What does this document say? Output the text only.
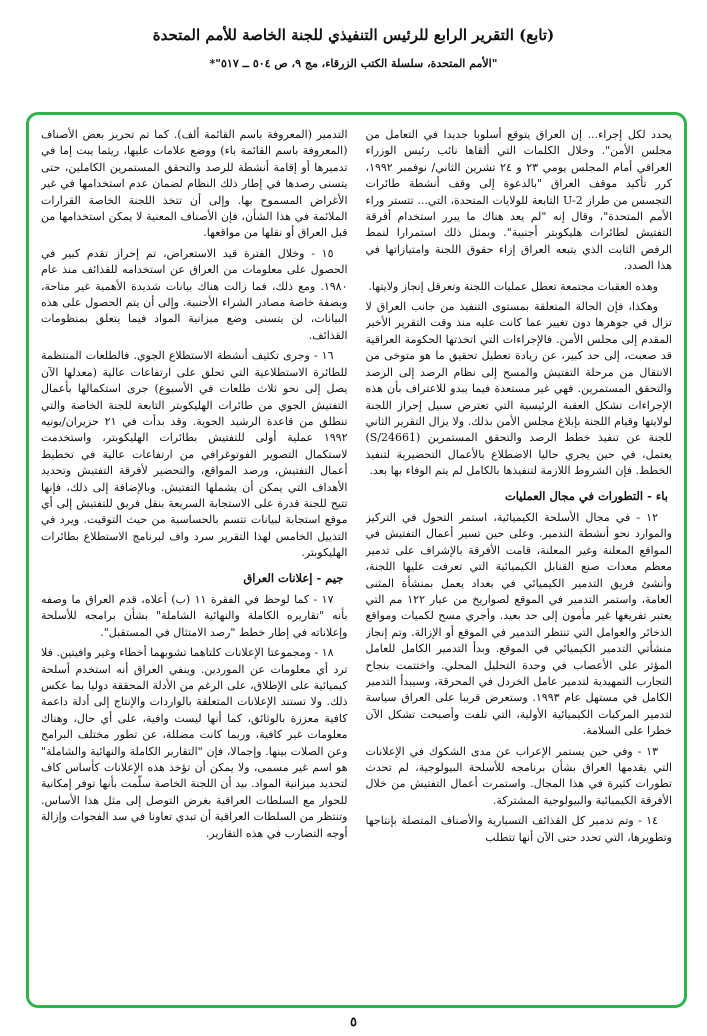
(تابع) التقرير الرابع للرئيس التنفيذي للجنة الخاصة للأمم المتحدة
"الأمم المتحدة، سلسلة الكتب الزرقاء، مج ٩، ص ٥٠٤ ــ ٥١٧"*

يحدد لكل إجراء... إن العراق يتوقع أسلوبا جديدا في التعامل من مجلس الأمن". وخلال الكلمات التي ألقاها نائب رئيس الوزراء العراقي أمام المجلس يومي ٢٣ و ٢٤ تشرين الثاني/ نوفمبر ١٩٩٢، كرر تأكيد موقف العراق "بالدعوة إلى وقف أنشطة طائرات التجسس من طراز U-2 التابعة للولايات المتحدة، التي... تتستر وراء الأمم المتحدة"، وقال إنه "لم يعد هناك ما يبرر استخدام أفرقة التفتيش لطائرات هليكوبتر أجنبية". ويمثل ذلك استمرارا لنمط الرفض الثابت الذي يتبعه العراق إزاء حقوق اللجنة وامتيازاتها في هذا الصدد.

وهذه العقبات مجتمعة تعطل عمليات اللجنة وتعرقل إنجاز ولايتها.

وهكذا، فإن الحالة المتعلقة بمستوى التنفيذ من جانب العراق لا تزال في جوهرها دون تغيير عما كانت عليه منذ وقت التقرير الأخير المقدم إلى مجلس الأمن. فالإجراءات التي اتخذتها الحكومة العراقية قد صعبت، إلى حد كبير، عن زيادة تعطيل تحقيق ما هو متوخى من الانتقال من مرحلة التفتيش والمسح إلى نظام الرصد إلى الرصد والتحقق المستمرين. فهي غير مستعدة فيما يبدو للاعتراف بأن هذه الإجراءات تشكل العقبة الرئيسية التي تعترض سبيل إحراز اللجنة لولايتها وقيام اللجنة بإبلاغ مجلس الأمن بذلك. ولا يزال التقرير الثاني للجنة عن تنفيذ خطط الرصد والتحقق المستمرين (S/24661) يعتمل، في حين يجري حاليا الاضطلاع بالأعمال التحضيرية لتنفيذ الخطط. فإن الشروط اللازمة لتنفيذها بالكامل لم يتم الوفاء بها بعد.

باء - التطورات في مجال العمليات

١٢ - في مجال الأسلحة الكيميائية، استمر التحول في التركيز والموارد نحو أنشطة التدمير. وعلى حين تسير أعمال التفتيش في المواقع المعلنة وغير المعلنة، قامت الأفرقة بالإشراف على تدمير معظم معدات صنع القنابل الكيميائية التي تعرفت عليها اللجنة، وأنشئ فريق التدمير الكيميائي في بغداد يعمل بمنشأة المثنى العامة، واستمر التدمير في الموقع لصواريخ من عيار ١٢٢ مم التي يعتبر تفريغها غير مأمون إلى حد بعيد. وأجري مسح لكميات ومواقع الذخائر والعوامل التي تنتظر التدمير في الموقع أو الإزالة. وتم إنجاز منشأتي التدمير الكيميائي في الموقع. وبدأ التدمير الكامل للعامل المؤثر على الأعصاب في وحدة التحليل المحلي. واختتمت بنجاح التجارب التمهيدية لتدمير عامل الخردل في المحرقة، وسيبدأ التدمير الكامل في مستهل عام ١٩٩٣. وستعرض قريبا على العراق سياسة لتدمير المركبات الكيميائية الأولية، التي تلفت وأصبحت تشكل الآن خطرا على السلامة.

١٣ - وفي حين يستمر الإعراب عن مدى الشكوك في الإعلانات التي يقدمها العراق بشأن برنامجه للأسلحة البيولوجية، لم تحدث تطورات كثيرة في هذا المجال. واستمرت أعمال التفتيش من خلال الأفرقة الكيميائية والبيولوجية المشتركة.

١٤ - وتم تدمير كل القذائف التسيارية والأصناف المتصلة بإنتاجها وتطويرها، التي تحدد حتى الآن أنها تتطلب

التدمير (المعروفة باسم القائمة ألف). كما تم تحريز بعض الأصناف (المعروفة باسم القائمة باء) ووضع علامات عليها، ريثما يبت إما في تدميرها أو إقامة أنشطة للرصد والتحقق المستمرين الكاملين، حتى يتسنى رصدها في إطار ذلك النظام لضمان عدم استخدامها في غير الأغراض المسموح بها. وإلى أن تتخذ اللجنة الخاصة القرارات الملائمة في هذا الشأن، فإن الأصناف المعنية لا يمكن استخدامها من قبل العراق أو نقلها من مواقعها.

١٥ - وخلال الفترة قيد الاستعراض، تم إحراز تقدم كبير في الحصول على معلومات من العراق عن استخدامه للقذائف منذ عام ١٩٨٠. ومع ذلك، فما زالت هناك بيانات شديدة الأهمية غير متاحة، وبصفة خاصة مصادر الشراء الأجنبية. وإلى أن يتم الحصول على هذه البيانات، لن يتسنى وضع ميزانية المواد فيما يتعلق بمنظومات القذائف.

١٦ - وجرى تكثيف أنشطة الاستطلاع الجوي. فالطلعات المنتظمة للطائرة الاستطلاعية التي تحلق على ارتفاعات عالية (معدلها الآن يصل إلى نحو ثلاث طلعات في الأسبوع) جرى استكمالها بأعمال التفتيش الجوي من طائرات الهليكوبتر التابعة للجنة الخاصة والتي تنطلق من قاعدة الرشيد الجوية. وقد بدأت في ٢١ حزيران/يونيه ١٩٩٢ عملية أولى للتفتيش بطائرات الهليكوبتر، واستخدمت لاستكمال التصوير الفوتوغرافي من ارتفاعات عالية في تخطيط أعمال التفتيش، ورصد المواقع، والتحضير لأفرقة التفتيش وتحديد الأهداف التي يمكن أن يشملها التفتيش. وبالإضافة إلى ذلك، فإنها تتيح للجنة قدرة على الاستجابة السريعة بنقل فريق للتفتيش إلى أي موقع استجابة لبيانات تتسم بالحساسية من حيث التوقيت. ويرد في التذييل الخامس لهذا التقرير سرد واف لبرنامج الاستطلاع بطائرات الهليكوبتر.

جيم - إعلانات العراق

١٧ - كما لوحظ في الفقرة ١١ (ب) أعلاه، قدم العراق ما وصفه بأنه "تقاريره الكاملة والنهائية الشاملة" بشأن برامجه للأسلحة وإعلاناته في إطار خطط "رصد الامتثال في المستقبل".

١٨ - ومجموعتا الإعلانات كلتاهما تشوبهما أخطاء وغير وافيتين. فلا ترد أي معلومات عن الموردين. وينفي العراق أنه استخدم أسلحة كيميائية على الإطلاق، على الرغم من الأدلة المحققة دوليا بما عكس ذلك. ولا تستند الإعلانات المتعلقة بالواردات والإنتاج إلى أدلة داعمة كافية معززة بالوثائق، كما أنها ليست وافية، على أي حال، وهناك معلومات غير كافية، وربما كانت مضللة، عن تطور مختلف البرامج وعن الصلات بينها. وإجمالا، فإن "التقارير الكاملة والنهائية والشاملة" هو اسم غير مسمى، ولا يمكن أن تؤخذ هذه الإعلانات كأساس كاف لتحديد ميزانية المواد. بيد أن اللجنة الخاصة سلّمت بأنها توفر إمكانية للحوار مع السلطات العراقية بغرض التوصل إلى مثل هذا الأساس. وتنتظر من السلطات العراقية أن تبدي تعاونا في سد الفجوات وإزالة أوجه التضارب في هذه التقارير.

٥
